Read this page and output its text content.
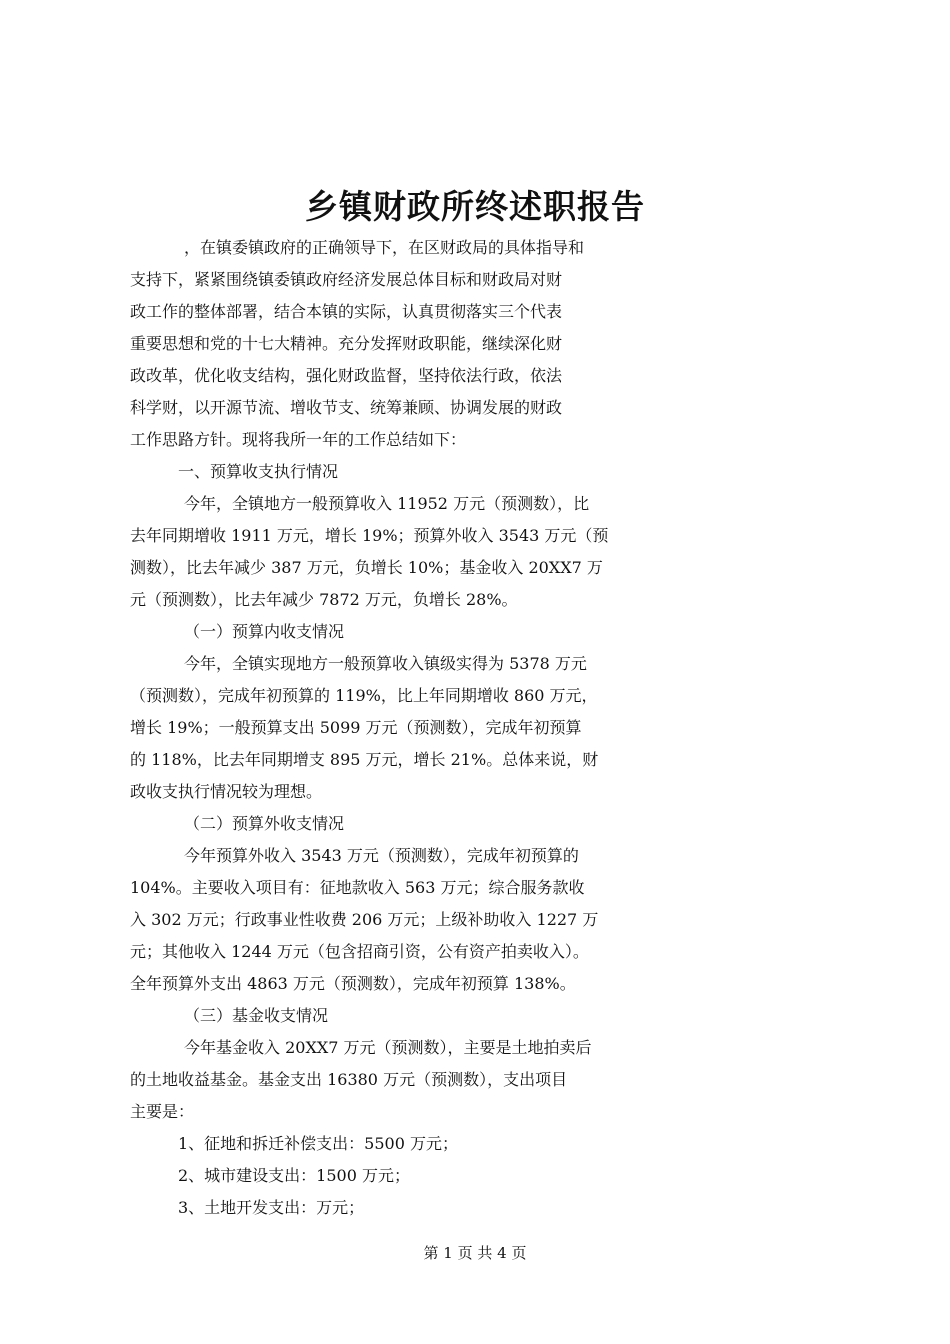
乡镇财政所终述职报告

，在镇委镇政府的正确领导下，在区财政局的具体指导和

支持下，紧紧围绕镇委镇政府经济发展总体目标和财政局对财

政工作的整体部署，结合本镇的实际，认真贯彻落实三个代表

重要思想和党的十七大精神。充分发挥财政职能，继续深化财

政改革，优化收支结构，强化财政监督，坚持依法行政，依法

科学财，以开源节流、增收节支、统筹兼顾、协调发展的财政

工作思路方针。现将我所一年的工作总结如下：

一、预算收支执行情况

今年，全镇地方一般预算收入 11952 万元（预测数），比

去年同期增收 1911 万元，增长 19%；预算外收入 3543 万元（预

测数），比去年减少 387 万元，负增长 10%；基金收入 20XX7 万

元（预测数），比去年减少 7872 万元，负增长 28%。

（一）预算内收支情况

今年，全镇实现地方一般预算收入镇级实得为 5378 万元

（预测数），完成年初预算的 119%，比上年同期增收 860 万元，

增长 19%；一般预算支出 5099 万元（预测数），完成年初预算

的 118%，比去年同期增支 895 万元，增长 21%。总体来说，财

政收支执行情况较为理想。

（二）预算外收支情况

今年预算外收入 3543 万元（预测数），完成年初预算的

104%。主要收入项目有：征地款收入 563 万元；综合服务款收

入 302 万元；行政事业性收费 206 万元；上级补助收入 1227 万

元；其他收入 1244 万元（包含招商引资，公有资产拍卖收入）。

全年预算外支出 4863 万元（预测数），完成年初预算 138%。

（三）基金收支情况

今年基金收入 20XX7 万元（预测数），主要是土地拍卖后

的土地收益基金。基金支出 16380 万元（预测数），支出项目

主要是：

1、征地和拆迁补偿支出：5500 万元；

2、城市建设支出：1500 万元；

3、土地开发支出：万元；

第 1 页 共 4 页
